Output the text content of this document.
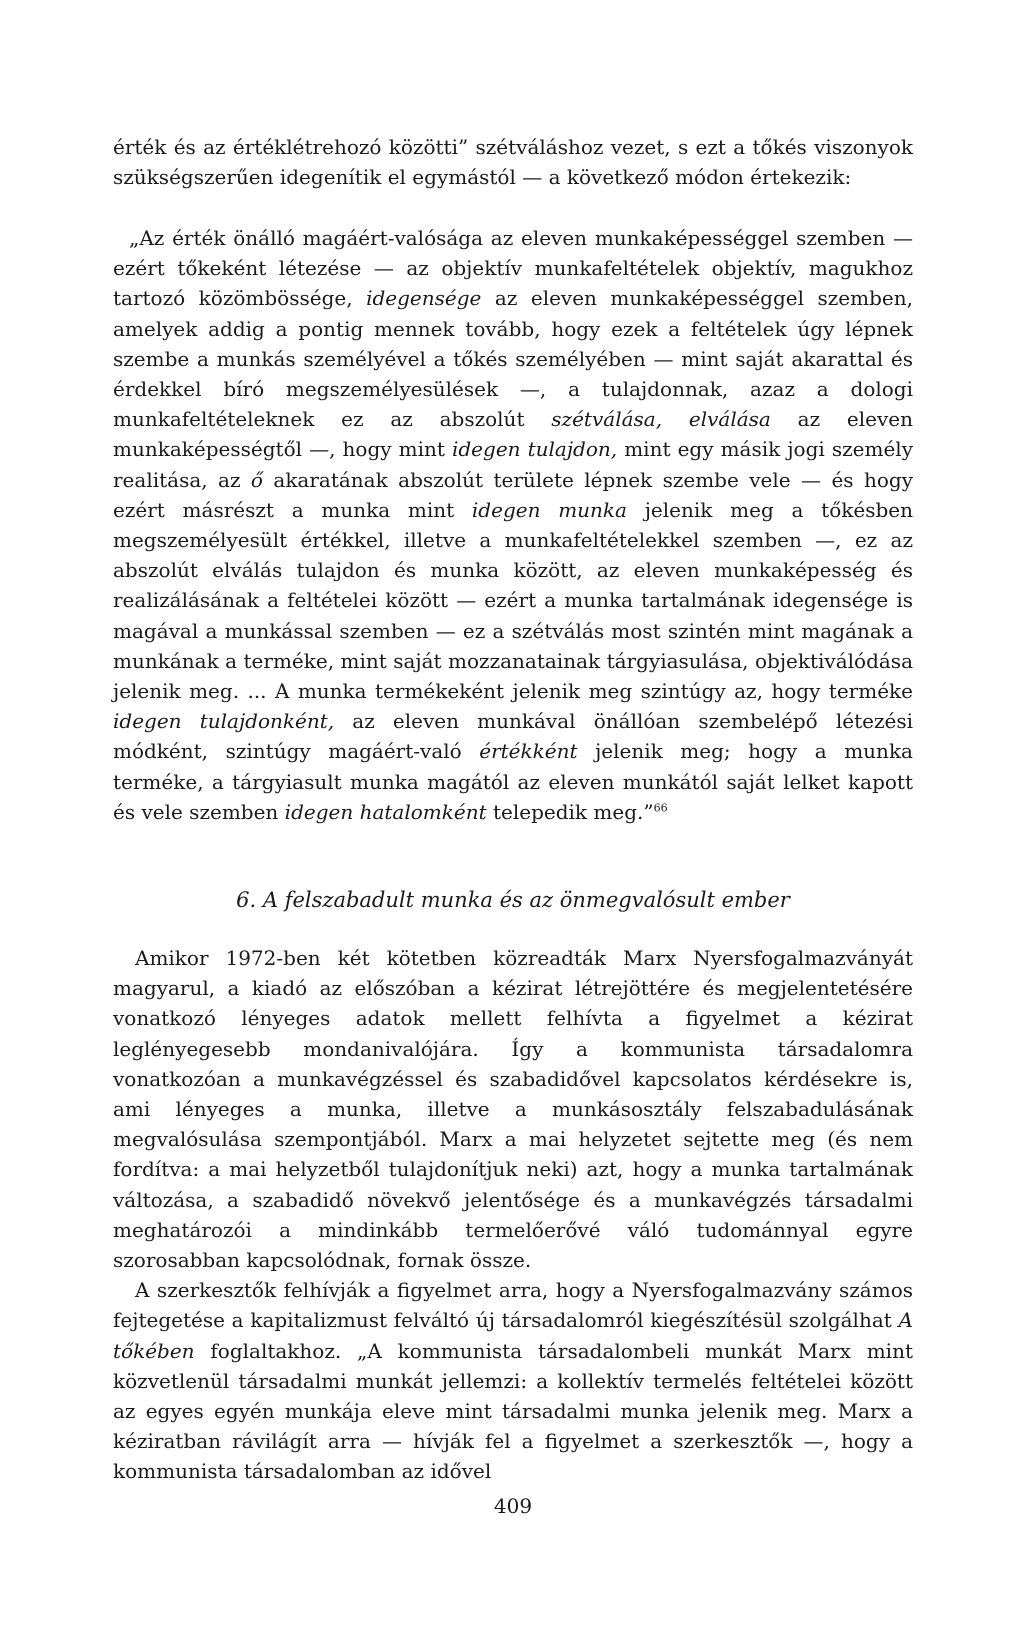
érték és az értéklétrehozó közötti” szétváláshoz vezet, s ezt a tőkés viszonyok szükségszerűen idegenítik el egymástól — a következő módon értekezik:

„Az érték önálló magáért-valósága az eleven munkaképességgel szemben — ezért tőkeként létezése — az objektív munkafeltételek objektív, magukhoz tartozó közömbössége, idegensége az eleven munkaképességgel szemben, amelyek addig a pontig mennek tovább, hogy ezek a feltételek úgy lépnek szembe a munkás személyével a tőkés személyében — mint saját akarattal és érdekkel bíró megszemélyesülések —, a tulajdonnak, azaz a dologi munkafeltételeknek ez az abszolút szétválása, elválása az eleven munkaképességtől —, hogy mint idegen tulajdon, mint egy másik jogi személy realitása, az ő akaratának abszolút területe lépnek szembe vele — és hogy ezért másrészt a munka mint idegen munka jelenik meg a tőkésben megszemélyesült értékkel, illetve a munkafeltételekkel szemben —, ez az abszolút elválás tulajdon és munka között, az eleven munkaképesség és realizálásának a feltételei között — ezért a munka tartalmának idegensége is magával a munkással szemben — ez a szétválás most szintén mint magának a munkának a terméke, mint saját mozzanatainak tárgyiasulása, objektiválódása jelenik meg. ... A munka termékeként jelenik meg szintúgy az, hogy terméke idegen tulajdonként, az eleven munkával önállóan szembelépő létezési módként, szintúgy magáért-való értékként jelenik meg; hogy a munka terméke, a tárgyiasult munka magától az eleven munkától saját lelket kapott és vele szemben idegen hatalomként telepedik meg.”$^{66}$

6. A felszabadult munka és az önmegvalósult ember

Amikor 1972-ben két kötetben közreadták Marx Nyersfogalmazványát magyarul, a kiadó az előszóban a kézirat létrejöttére és megjelentetésére vonatkozó lényeges adatok mellett felhívta a figyelmet a kézirat leglényegesebb mondanivalójára. Így a kommunista társadalomra vonatkozóan a munkavégzéssel és szabadidővel kapcsolatos kérdésekre is, ami lényeges a munka, illetve a munkásosztály felszabadulásának megvalósulása szempontjából. Marx a mai helyzetet sejtette meg (és nem fordítva: a mai helyzetből tulajdonítjuk neki) azt, hogy a munka tartalmának változása, a szabadidő növekvő jelentősége és a munkavégzés társadalmi meghatározói a mindinkább termelőerővé váló tudománnyal egyre szorosabban kapcsolódnak, fornak össze.

A szerkesztők felhívják a figyelmet arra, hogy a Nyersfogalmazvány számos fejtegetése a kapitalizmust felváltó új társadalomról kiegészítésül szolgálhat A tőkében foglaltakhoz. „A kommunista társadalombeli munkát Marx mint közvetlenül társadalmi munkát jellemzi: a kollektív termelés feltételei között az egyes egyén munkája eleve mint társadalmi munka jelenik meg. Marx a kéziratban rávilágít arra — hívják fel a figyelmet a szerkesztők —, hogy a kommunista társadalomban az idővel

409
